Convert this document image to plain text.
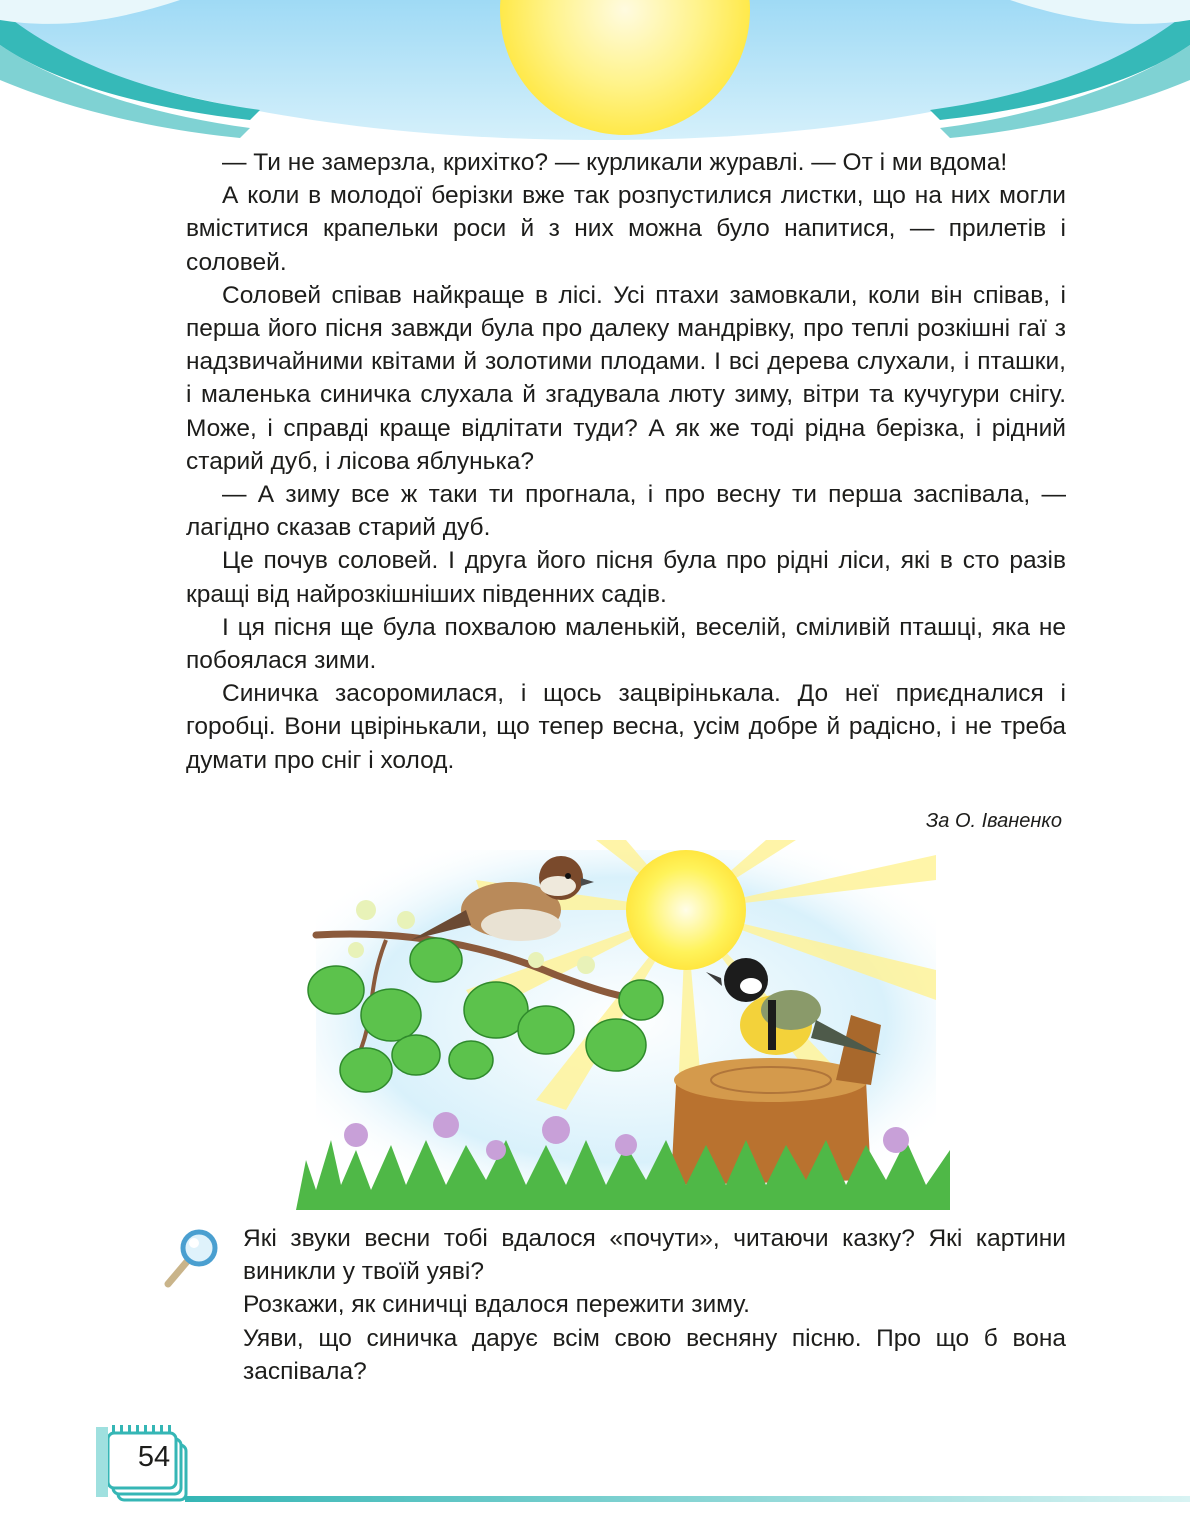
— Ти не замерзла, крихітко? — курликали журавлі. — От і ми вдома!

А коли в молодої берізки вже так розпустилися листки, що на них могли вміститися крапельки роси й з них можна було напитися, — прилетів і соловей.

Соловей співав найкраще в лісі. Усі птахи замовкали, коли він співав, і перша його пісня завжди була про далеку мандрівку, про теплі розкішні гаї з надзвичайними квітами й золотими плодами. І всі дерева слухали, і пташки, і маленька синичка слухала й згадувала люту зиму, вітри та кучугури снігу. Може, і справді краще відлітати туди? А як же тоді рідна берізка, і рідний старий дуб, і лісова яблунька?

— А зиму все ж таки ти прогнала, і про весну ти перша заспівала, — лагідно сказав старий дуб.

Це почув соловей. І друга його пісня була про рідні ліси, які в сто разів кращі від найрозкішніших південних садів.

І ця пісня ще була похвалою маленькій, веселій, сміливій пташці, яка не побоялася зими.

Синичка засоромилася, і щось зацвірінькала. До неї приєдналися і горобці. Вони цвірінькали, що тепер весна, усім добре й радісно, і не треба думати про сніг і холод.

За О. Іваненко

Які звуки весни тобі вдалося «почути», читаючи казку? Які картини виникли у твоїй уяві?

Розкажи, як синичці вдалося пережити зиму.

Уяви, що синичка дарує всім свою весняну пісню. Про що б вона заспівала?

54
